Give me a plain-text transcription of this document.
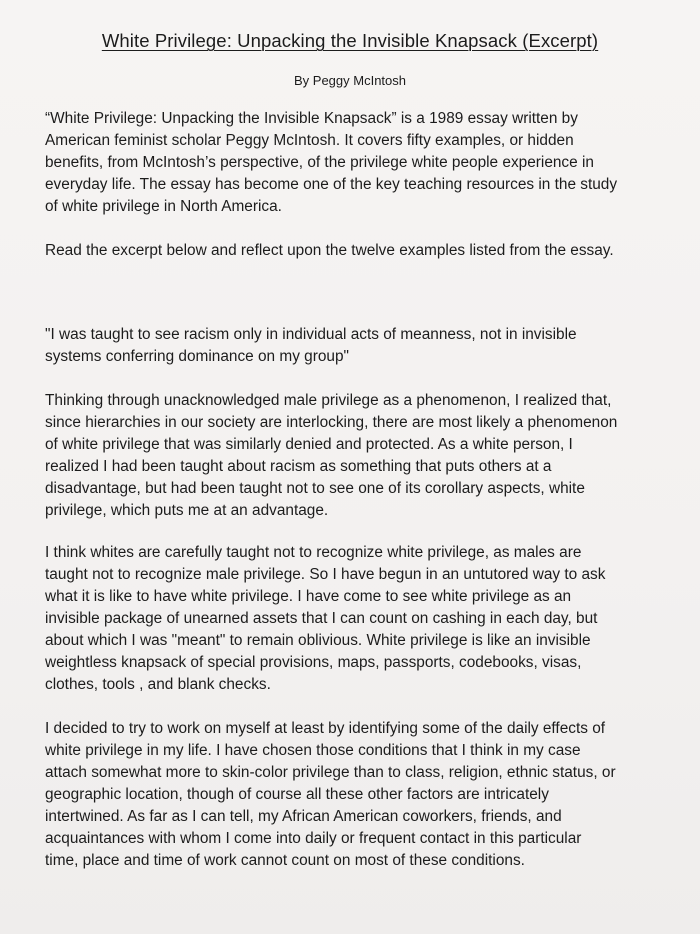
White Privilege: Unpacking the Invisible Knapsack (Excerpt)
By Peggy McIntosh

“White Privilege: Unpacking the Invisible Knapsack” is a 1989 essay written by
American feminist scholar Peggy McIntosh. It covers fifty examples, or hidden
benefits, from McIntosh’s perspective, of the privilege white people experience in
everyday life. The essay has become one of the key teaching resources in the study
of white privilege in North America.

Read the excerpt below and reflect upon the twelve examples listed from the essay.

"I was taught to see racism only in individual acts of meanness, not in invisible
systems conferring dominance on my group"

Thinking through unacknowledged male privilege as a phenomenon, I realized that,
since hierarchies in our society are interlocking, there are most likely a phenomenon
of white privilege that was similarly denied and protected. As a white person, I
realized I had been taught about racism as something that puts others at a
disadvantage, but had been taught not to see one of its corollary aspects, white
privilege, which puts me at an advantage.

I think whites are carefully taught not to recognize white privilege, as males are
taught not to recognize male privilege. So I have begun in an untutored way to ask
what it is like to have white privilege. I have come to see white privilege as an
invisible package of unearned assets that I can count on cashing in each day, but
about which I was "meant" to remain oblivious. White privilege is like an invisible
weightless knapsack of special provisions, maps, passports, codebooks, visas,
clothes, tools , and blank checks.

I decided to try to work on myself at least by identifying some of the daily effects of
white privilege in my life. I have chosen those conditions that I think in my case
attach somewhat more to skin-color privilege than to class, religion, ethnic status, or
geographic location, though of course all these other factors are intricately
intertwined. As far as I can tell, my African American coworkers, friends, and
acquaintances with whom I come into daily or frequent contact in this particular
time, place and time of work cannot count on most of these conditions.
